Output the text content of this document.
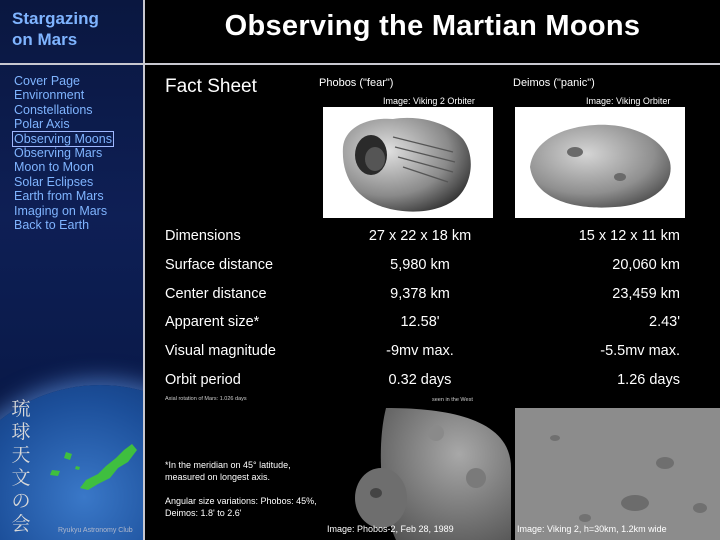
Stargazing
on Mars
Cover Page
Environment
Constellations
Polar Axis
Observing Moons
Observing Mars
Moon to Moon
Solar Eclipses
Earth from Mars
Imaging on Mars
Back to Earth
琉球天文の会	Ryukyu Astronomy Club
Observing the Martian Moons
Fact Sheet	Phobos ("fear")
Image: Viking 2 Orbiter
Deimos ("panic")
Image: Viking Orbiter
Dimensions	27 x 22 x 18 km	15 x 12 x 11 km
Surface distance	5,980 km	20,060 km
Center distance	9,378 km	23,459 km
Apparent size*	12.58'	2.43'
Visual magnitude	-9mv max.	-5.5mv max.
Orbit period	0.32 days	1.26 days
Axial rotation of Mars: 1.026 days	seen in the West
*In the meridian on 45° latitude, measured on longest axis.
Angular size variations: Phobos: 45%, Deimos: 1.8' to 2.6'
Image: Phobos-2, Feb 28, 1989	Image: Viking 2, h=30km, 1.2km wide
